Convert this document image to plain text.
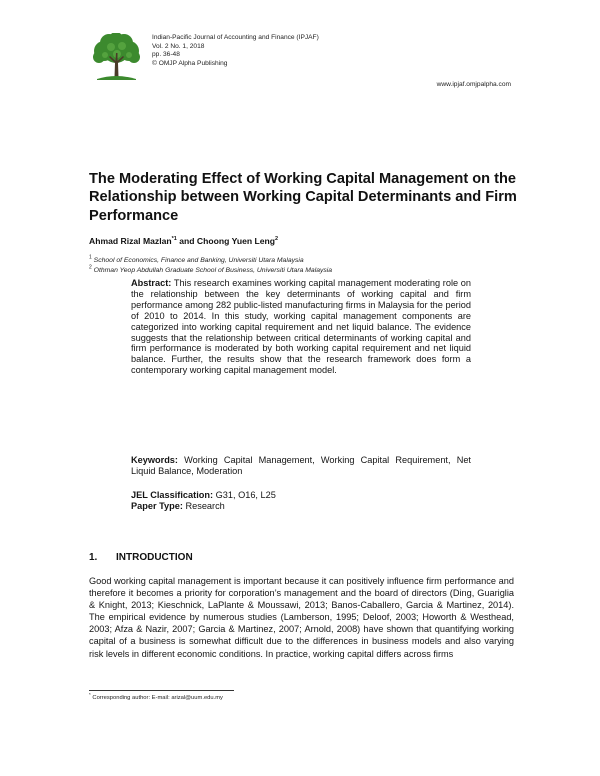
Indian-Pacific Journal of Accounting and Finance (IPJAF)
Vol. 2 No. 1, 2018
pp. 36-48
© OMJP Alpha Publishing
www.ipjaf.omjpalpha.com
The Moderating Effect of Working Capital Management on the Relationship between Working Capital Determinants and Firm Performance
Ahmad Rizal Mazlan$^{*1}$ and Choong Yuen Leng$^2$
$^1$ School of Economics, Finance and Banking, Universiti Utara Malaysia
$^2$ Othman Yeop Abdullah Graduate School of Business, Universiti Utara Malaysia

Abstract: This research examines working capital management moderating role on the relationship between the key determinants of working capital and firm performance among 282 public-listed manufacturing firms in Malaysia for the period of 2010 to 2014. In this study, working capital management components are categorized into working capital requirement and net liquid balance. The evidence suggests that the relationship between critical determinants of working capital and firm performance is moderated by both working capital requirement and net liquid balance. Further, the results show that the research framework does form a contemporary working capital management model.

Keywords: Working Capital Management, Working Capital Requirement, Net Liquid Balance, Moderation

JEL Classification: G31, O16, L25
Paper Type: Research
1. INTRODUCTION

Good working capital management is important because it can positively influence firm performance and therefore it becomes a priority for corporation’s management and the board of directors (Ding, Guariglia & Knight, 2013; Kieschnick, LaPlante & Moussawi, 2013; Banos-Caballero, Garcia & Martinez, 2014). The empirical evidence by numerous studies (Lamberson, 1995; Deloof, 2003; Howorth & Westhead, 2003; Afza & Nazir, 2007; Garcia & Martinez, 2007; Arnold, 2008) have shown that quantifying working capital of a business is somewhat difficult due to the differences in business models and also varying risk levels in different economic conditions. In practice, working capital differs across firms

* Corresponding author: E-mail: arizal@uum.edu.my
